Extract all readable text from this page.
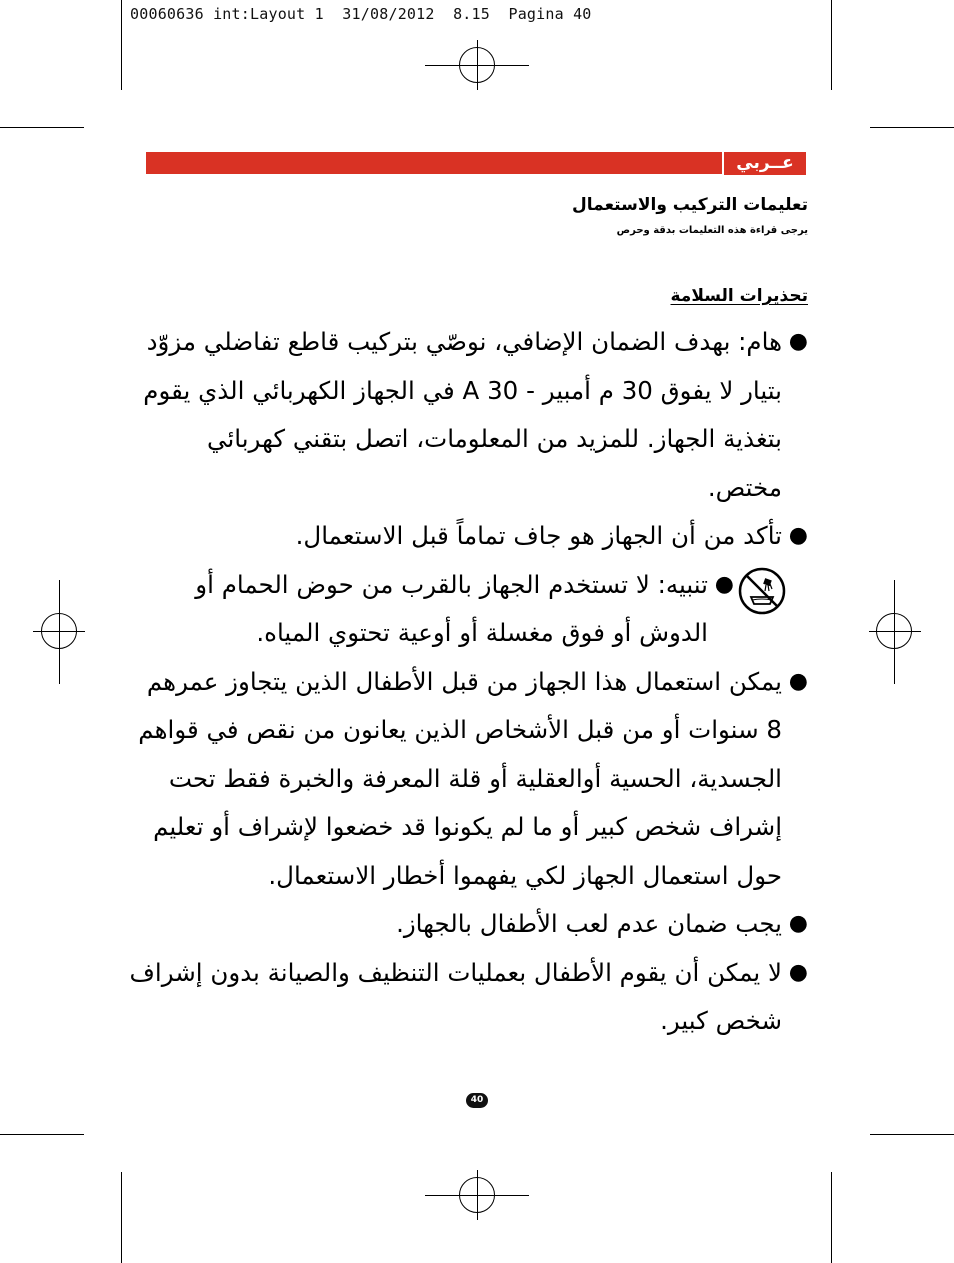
00060636 int:Layout 1  31/08/2012  8.15  Pagina 40
عــربي
تعليمات التركيب والاستعمال
يرجى قراءة هذه التعليمات بدقة وحرص
تحذيرات السلامة
●
هام: بهدف الضمان الإضافي، نوصّي بتركيب قاطع تفاضلي مزوّد بتيار لا يفوق 30 م أمبير - 30 A في الجهاز الكهربائي الذي يقوم بتغذية الجهاز. للمزيد من المعلومات، اتصل بتقني كهربائي مختص.
●
تأكد من أن الجهاز هو جاف تماماً قبل الاستعمال.
●
تنبيه: لا تستخدم الجهاز بالقرب من حوض الحمام أو الدوش أو فوق مغسلة أو أوعية تحتوي المياه.
●
يمكن استعمال هذا الجهاز من قبل الأطفال الذين يتجاوز عمرهم 8 سنوات أو من قبل الأشخاص الذين يعانون من نقص في قواهم الجسدية، الحسية أوالعقلية أو قلة المعرفة والخبرة فقط تحت إشراف شخص كبير أو ما لم يكونوا قد خضعوا لإشراف أو تعليم حول استعمال الجهاز لكي يفهموا أخطار الاستعمال.
●
يجب ضمان عدم لعب الأطفال بالجهاز.
●
لا يمكن أن يقوم الأطفال بعمليات التنظيف والصيانة بدون إشراف شخص كبير.
40
